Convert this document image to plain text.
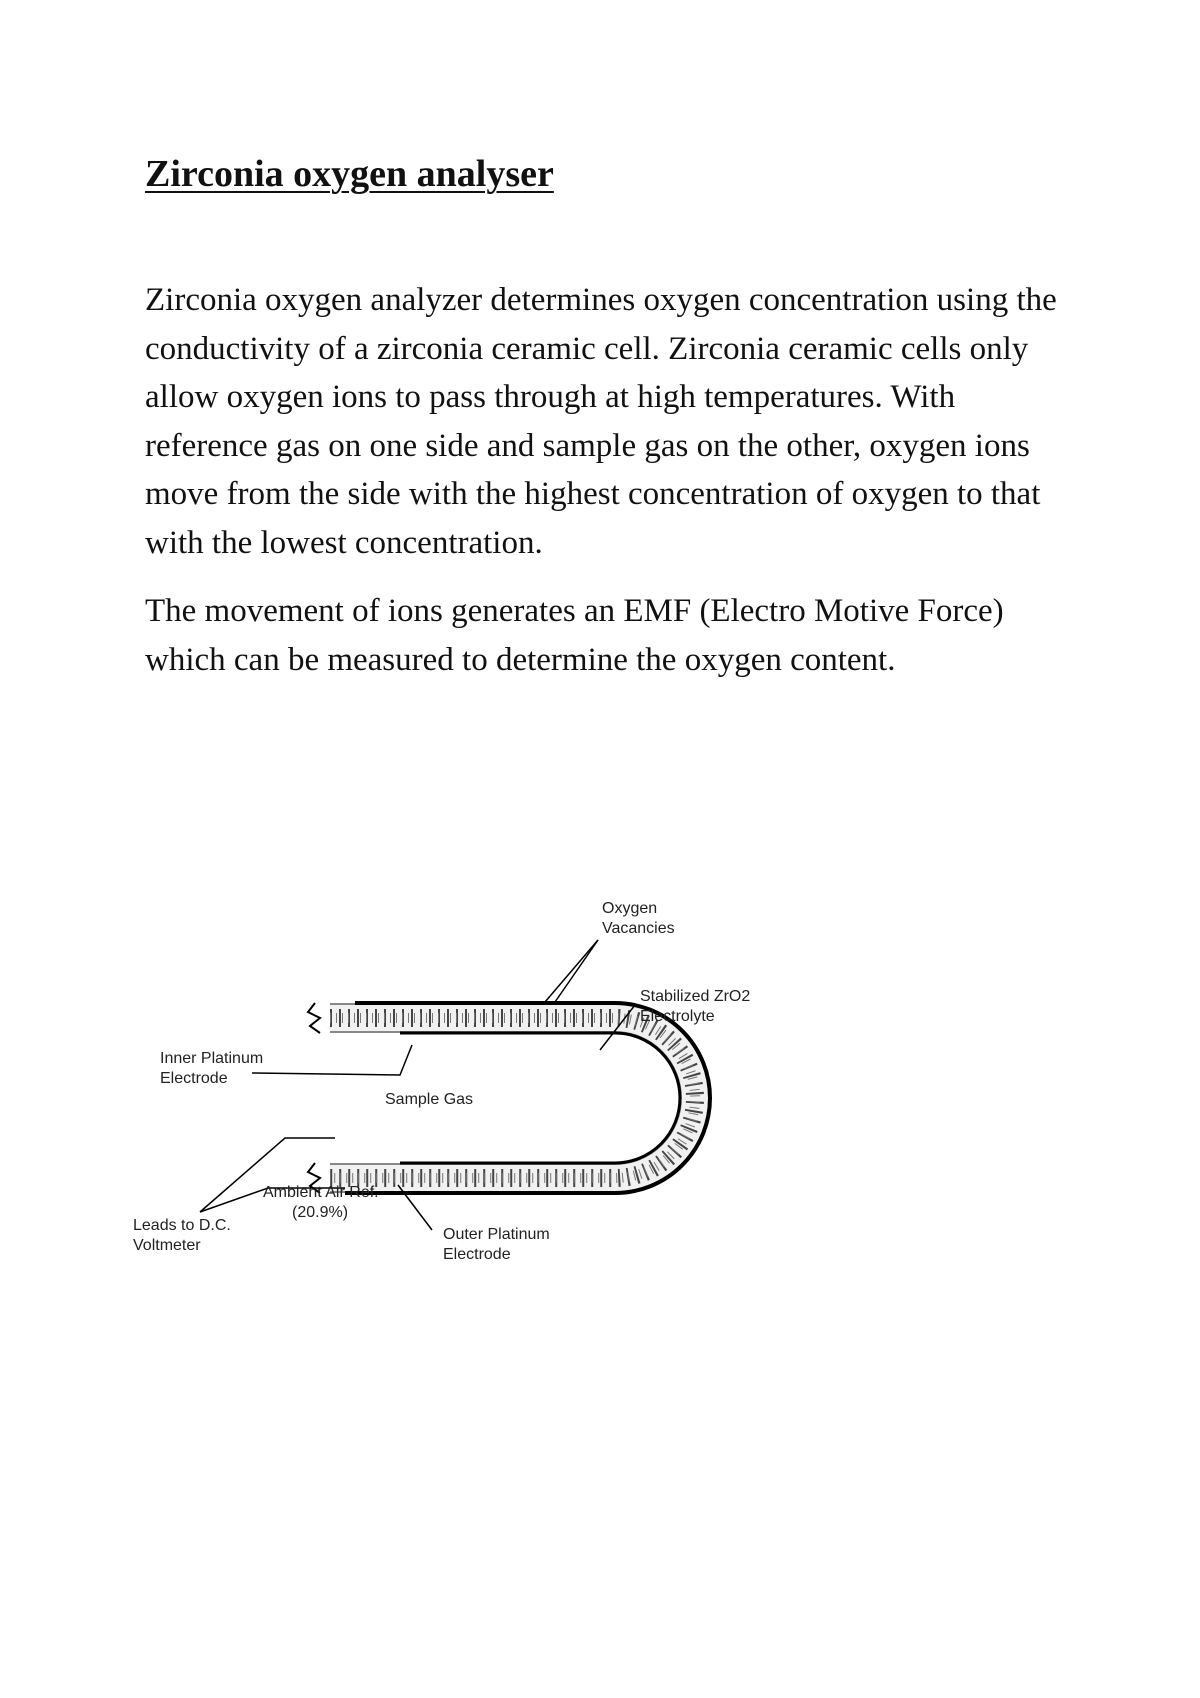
Zirconia oxygen analyser

Zirconia oxygen analyzer determines oxygen concentration using the conductivity of a zirconia ceramic cell. Zirconia ceramic cells only allow oxygen ions to pass through at high temperatures. With reference gas on one side and sample gas on the other, oxygen ions move from the side with the highest concentration of oxygen to that with the lowest concentration.

The movement of ions generates an EMF (Electro Motive Force) which can be measured to determine the oxygen content.

Oxygen
Vacancies
Stabilized ZrO2
Electrolyte
Inner Platinum
Electrode
Sample Gas
Ambient Air Ref.
(20.9%)
Leads to D.C.
Voltmeter
Outer Platinum
Electrode
